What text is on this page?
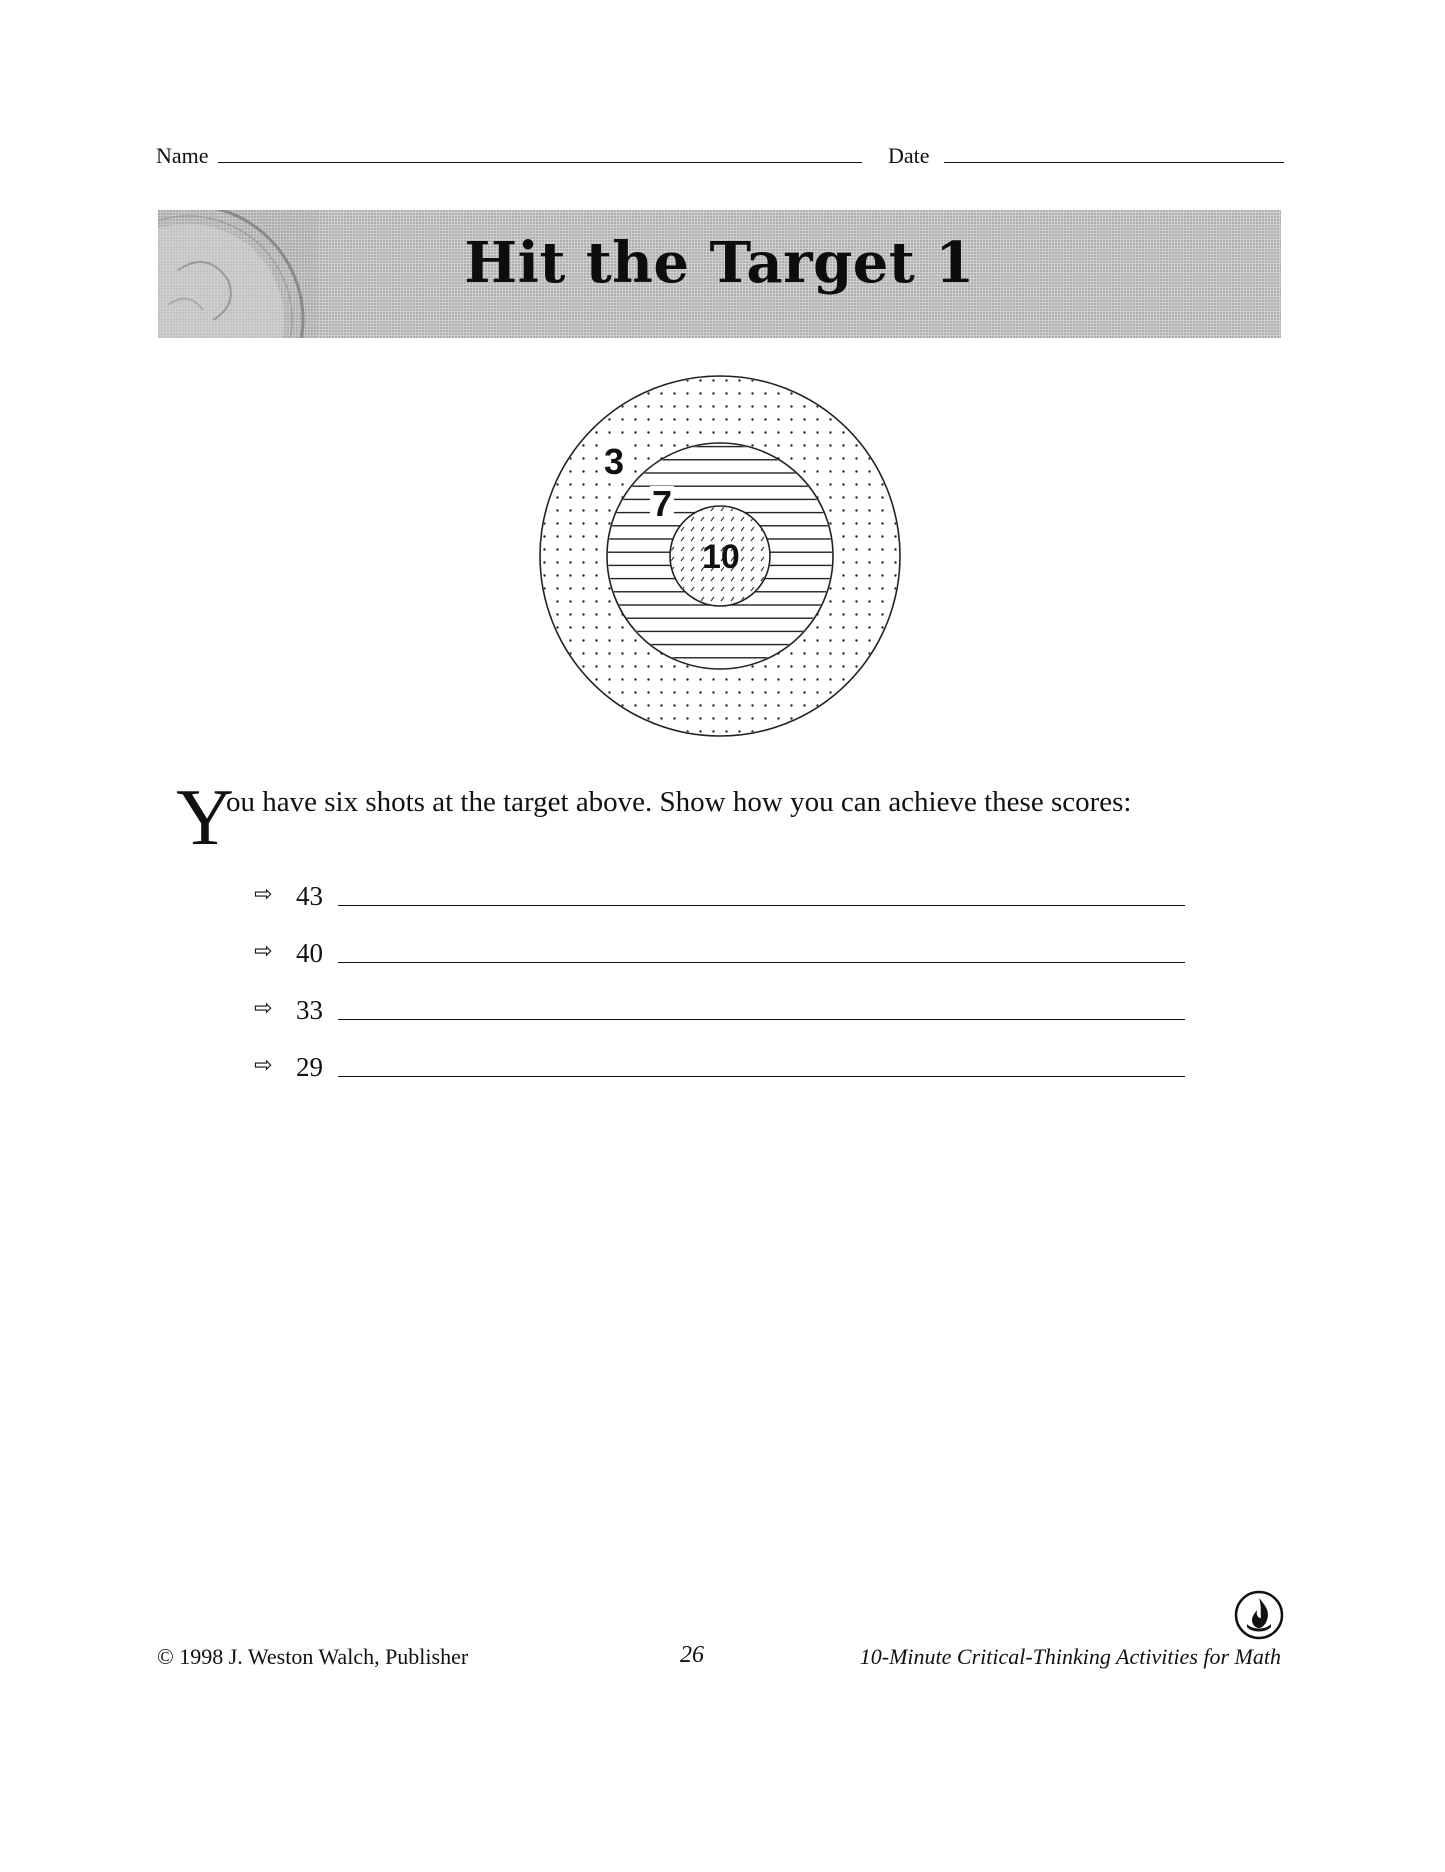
Name	Date
Hit the Target 1
3
7
10
Y
ou have six shots at the target above. Show how you can achieve these scores:
⇨ 43
⇨ 40
⇨ 33
⇨ 29
© 1998 J. Weston Walch, Publisher	26	10-Minute Critical-Thinking Activities for Math
